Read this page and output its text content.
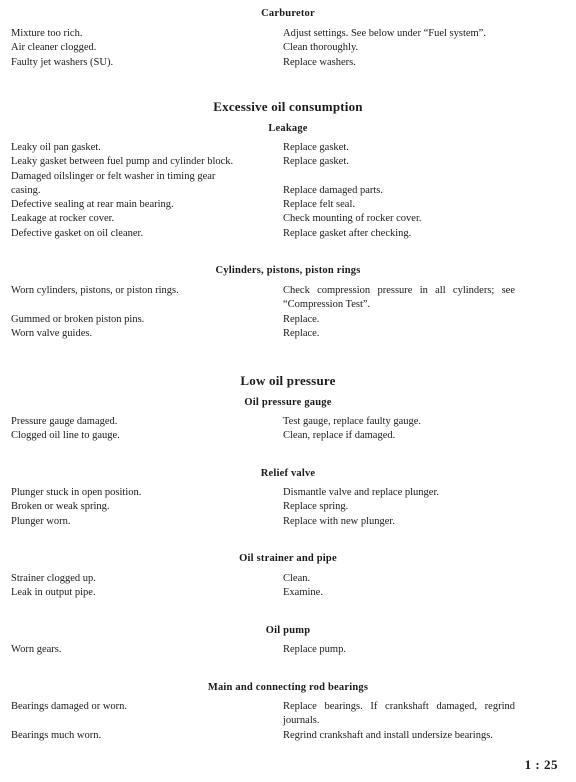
Carburetor
Mixture too rich.	Adjust settings. See below under “Fuel system”.
Air cleaner clogged.	Clean thoroughly.
Faulty jet washers (SU).	Replace washers.
Excessive oil consumption
Leakage
Leaky oil pan gasket.	Replace gasket.
Leaky gasket between fuel pump and cylinder block.	Replace gasket.
Damaged oilslinger or felt washer in timing gear
casing.	Replace damaged parts.
Defective sealing at rear main bearing.	Replace felt seal.
Leakage at rocker cover.	Check mounting of rocker cover.
Defective gasket on oil cleaner.	Replace gasket after checking.
Cylinders, pistons, piston rings
Worn cylinders, pistons, or piston rings.	Check compression pressure in all cylinders; see “Compression Test”.
Gummed or broken piston pins.	Replace.
Worn valve guides.	Replace.
Low oil pressure
Oil pressure gauge
Pressure gauge damaged.	Test gauge, replace faulty gauge.
Clogged oil line to gauge.	Clean, replace if damaged.
Relief valve
Plunger stuck in open position.	Dismantle valve and replace plunger.
Broken or weak spring.	Replace spring.
Plunger worn.	Replace with new plunger.
Oil strainer and pipe
Strainer clogged up.	Clean.
Leak in output pipe.	Examine.
Oil pump
Worn gears.	Replace pump.
Main and connecting rod bearings
Bearings damaged or worn.	Replace bearings. If crankshaft damaged, regrind journals.
Bearings much worn.	Regrind crankshaft and install undersize bearings.
1 : 25
